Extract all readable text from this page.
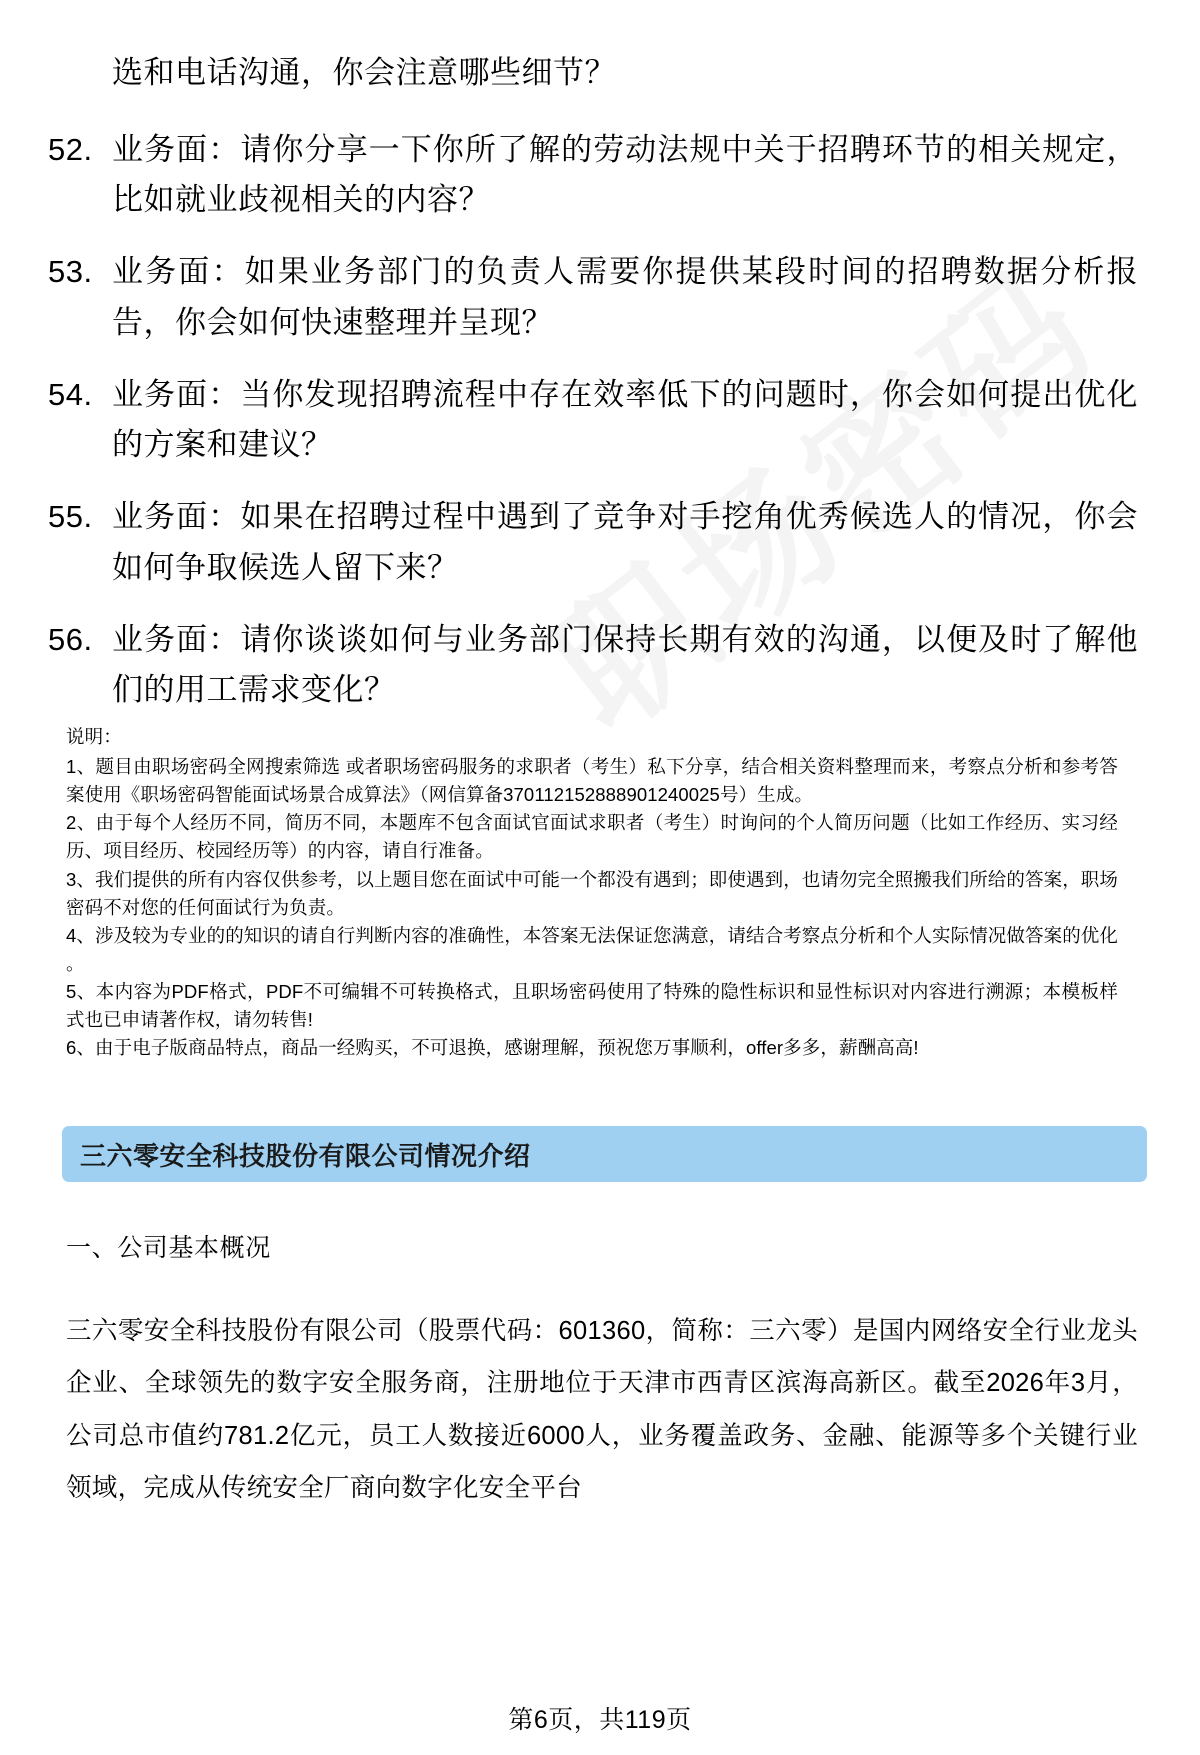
选和电话沟通，你会注意哪些细节？
52. 业务面：请你分享一下你所了解的劳动法规中关于招聘环节的相关规定，比如就业歧视相关的内容？
53. 业务面：如果业务部门的负责人需要你提供某段时间的招聘数据分析报告，你会如何快速整理并呈现？
54. 业务面：当你发现招聘流程中存在效率低下的问题时，你会如何提出优化的方案和建议？
55. 业务面：如果在招聘过程中遇到了竞争对手挖角优秀候选人的情况，你会如何争取候选人留下来？
56. 业务面：请你谈谈如何与业务部门保持长期有效的沟通，以便及时了解他们的用工需求变化？
说明：

1、题目由职场密码全网搜索筛选 或者职场密码服务的求职者（考生）私下分享，结合相关资料整理而来，考察点分析和参考答案使用《职场密码智能面试场景合成算法》（网信算备370112152888901240025号）生成。

2、由于每个人经历不同，简历不同，本题库不包含面试官面试求职者（考生）时询问的个人简历问题（比如工作经历、实习经历、项目经历、校园经历等）的内容，请自行准备。

3、我们提供的所有内容仅供参考，以上题目您在面试中可能一个都没有遇到；即使遇到，也请勿完全照搬我们所给的答案，职场密码不对您的任何面试行为负责。

4、涉及较为专业的的知识的请自行判断内容的准确性，本答案无法保证您满意，请结合考察点分析和个人实际情况做答案的优化 。

5、本内容为PDF格式，PDF不可编辑不可转换格式，且职场密码使用了特殊的隐性标识和显性标识对内容进行溯源；本模板样式也已申请著作权，请勿转售!

6、由于电子版商品特点，商品一经购买，不可退换，感谢理解，预祝您万事顺利，offer多多，薪酬高高!

三六零安全科技股份有限公司情况介绍
一、公司基本概况
三六零安全科技股份有限公司（股票代码：601360，简称：三六零）是国内网络安全行业龙头企业、全球领先的数字安全服务商，注册地位于天津市西青区滨海高新区。截至2026年3月，公司总市值约781.2亿元，员工人数接近6000人，业务覆盖政务、金融、能源等多个关键行业领域，完成从传统安全厂商向数字化安全平台
第6页，共119页
